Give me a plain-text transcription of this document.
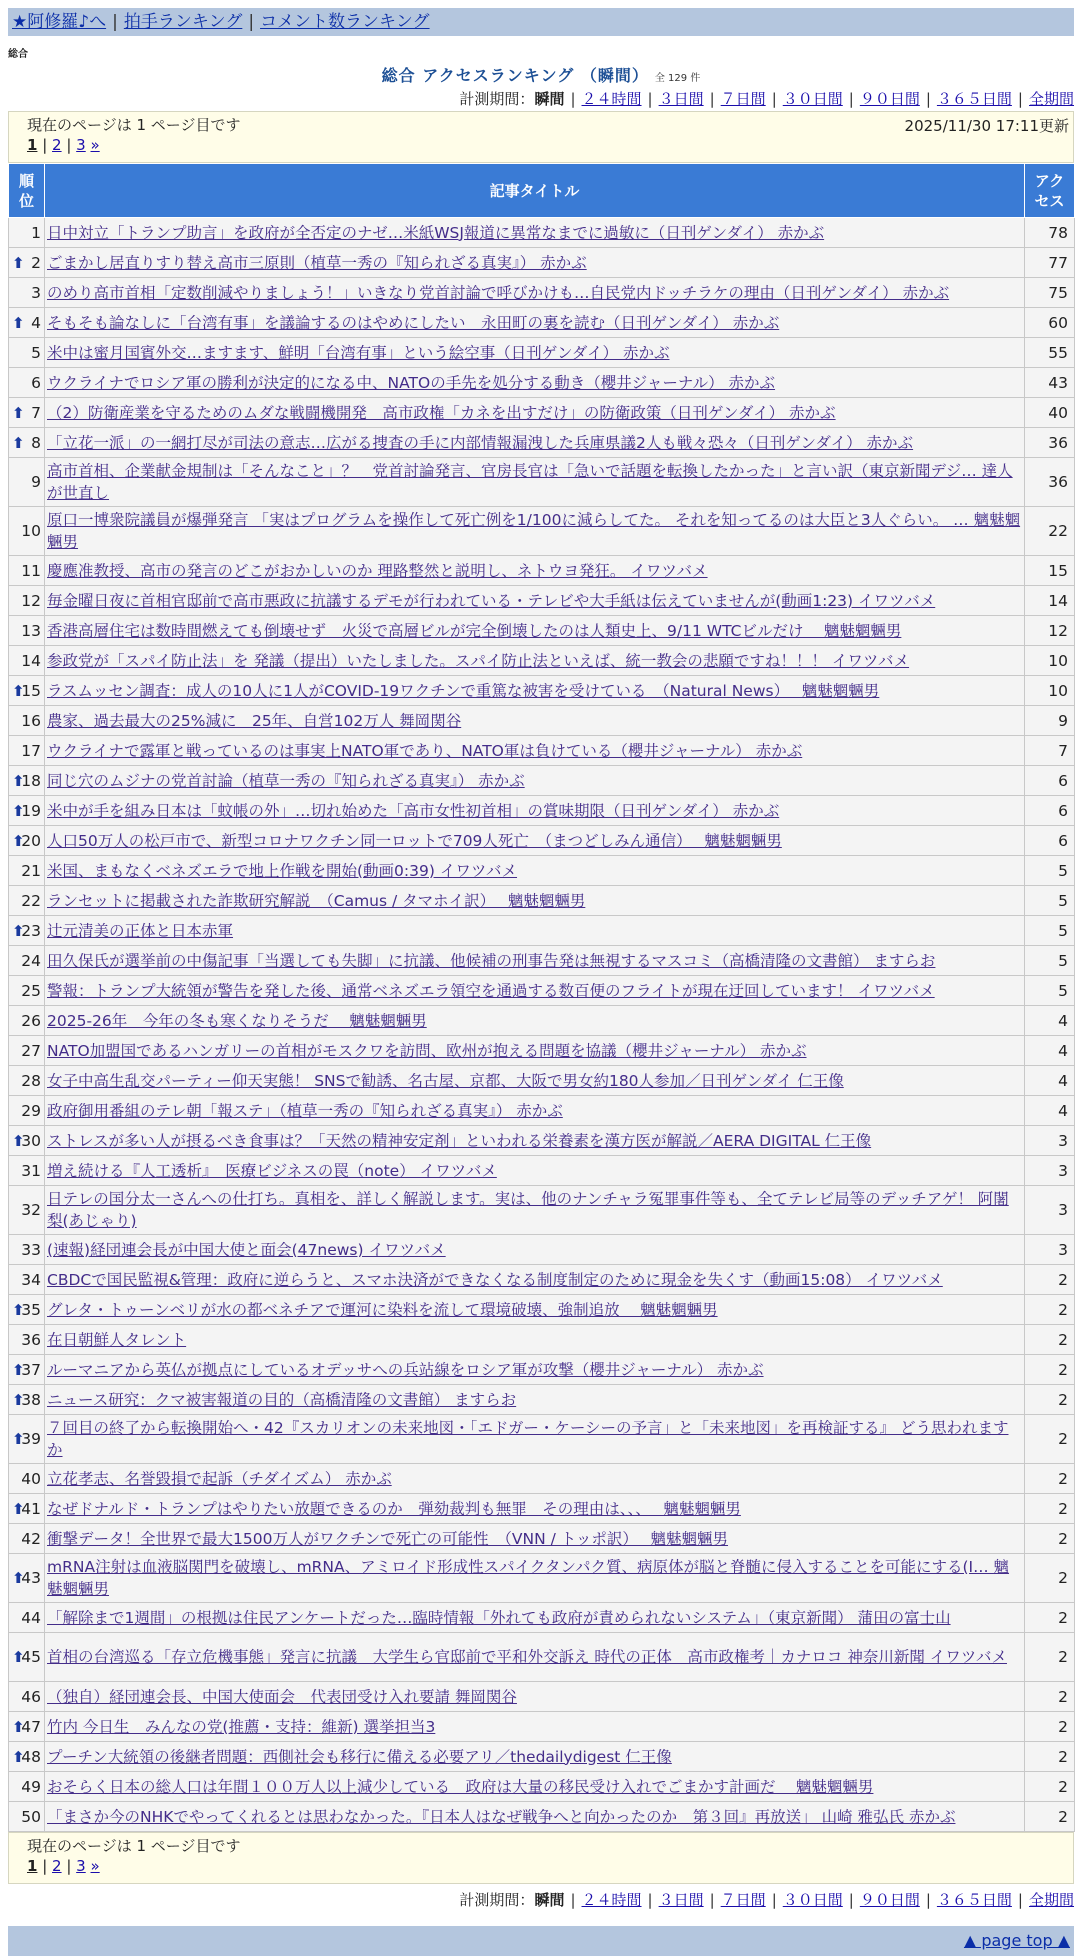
★阿修羅♪へ | 拍手ランキング | コメント数ランキング
総合
総合 アクセスランキング （瞬間） 全 129 件
計測期間：瞬間 | ２４時間 | ３日間 | ７日間 | ３０日間 | ９０日間 | ３６５日間 | 全期間
現在のページは 1 ページ目です	2025/11/30 17:11更新
1 | 2 | 3 »
順位	記事タイトル	アクセス
1	日中対立「トランプ助言」を政府が全否定のナゼ…米紙WSJ報道に異常なまでに過敏に（日刊ゲンダイ） 赤かぶ	78

⬆ 2	ごまかし居直りすり替え高市三原則（植草一秀の『知られざる真実』） 赤かぶ	77
3	のめり高市首相「定数削減やりましょう！」いきなり党首討論で呼びかけも…自民党内ドッチラケの理由（日刊ゲンダイ） 赤かぶ	75

⬆ 4	そもそも論なしに「台湾有事」を議論するのはやめにしたい　永田町の裏を読む（日刊ゲンダイ） 赤かぶ	60
5	米中は蜜月国賓外交…ますます、鮮明「台湾有事」という絵空事（日刊ゲンダイ） 赤かぶ	55
6	ウクライナでロシア軍の勝利が決定的になる中、NATOの手先を処分する動き（櫻井ジャーナル） 赤かぶ	43

⬆ 7	（2）防衛産業を守るためのムダな戦闘機開発　高市政権「カネを出すだけ」の防衛政策（日刊ゲンダイ） 赤かぶ	40

⬆ 8	「立花一派」の一網打尽が司法の意志…広がる捜査の手に内部情報漏洩した兵庫県議2人も戦々恐々（日刊ゲンダイ） 赤かぶ	36
9	高市首相、企業献金規制は「そんなこと」？　党首討論発言、官房長官は「急いで話題を転換したかった」と言い訳（東京新聞デジ… 達人が世直し	36
10	原口一博衆院議員が爆弾発言 「実はプログラムを操作して死亡例を1/100に減らしてた。 それを知ってるのは大臣と3人ぐらい。 … 魑魅魍魎男	22
11	慶應准教授、高市の発言のどこがおかしいのか 理路整然と説明し、ネトウヨ発狂。 イワツバメ	15
12	毎金曜日夜に首相官邸前で高市悪政に抗議するデモが行われている・テレビや大手紙は伝えていませんが(動画1:23) イワツバメ	14
13	香港高層住宅は数時間燃えても倒壊せず　火災で高層ビルが完全倒壊したのは人類史上、9/11 WTCビルだけ　 魑魅魍魎男	12
14	参政党が「スパイ防止法」を 発議（提出）いたしました。スパイ防止法といえば、統一教会の悲願ですね！！！ イワツバメ	10

⬆
15	ラスムッセン調査：成人の10人に1人がCOVID-19ワクチンで重篤な被害を受けている　（Natural News）　 魑魅魍魎男	10
16	農家、過去最大の25%減に　25年、自営102万人 舞岡関谷	9
17	ウクライナで露軍と戦っているのは事実上NATO軍であり、NATO軍は負けている（櫻井ジャーナル） 赤かぶ	7

⬆
18	同じ穴のムジナの党首討論（植草一秀の『知られざる真実』） 赤かぶ	6

⬆
19	米中が手を組み日本は「蚊帳の外」…切れ始めた「高市女性初首相」の賞味期限（日刊ゲンダイ） 赤かぶ	6

⬆
20	人口50万人の松戸市で、新型コロナワクチン同一ロットで709人死亡　（まつどしみん通信）　 魑魅魍魎男	6
21	米国、まもなくベネズエラで地上作戦を開始(動画0:39) イワツバメ	5
22	ランセットに掲載された詐欺研究解説　（Camus / タマホイ訳）　 魑魅魍魎男	5

⬆
23	辻元清美の正体と日本赤軍	5
24	田久保氏が選挙前の中傷記事「当選しても失脚」に抗議、他候補の刑事告発は無視するマスコミ（高橋清隆の文書館） ますらお	5
25	警報：トランプ大統領が警告を発した後、通常ベネズエラ領空を通過する数百便のフライトが現在迂回しています！ イワツバメ	5
26	2025-26年　今年の冬も寒くなりそうだ　 魑魅魍魎男	4
27	NATO加盟国であるハンガリーの首相がモスクワを訪問、欧州が抱える問題を協議（櫻井ジャーナル） 赤かぶ	4
28	女子中高生乱交パーティー仰天実態！ SNSで勧誘、名古屋、京都、大阪で男女約180人参加／日刊ゲンダイ 仁王像	4
29	政府御用番組のテレ朝「報ステ」（植草一秀の『知られざる真実』） 赤かぶ	4

⬆
30	ストレスが多い人が摂るべき食事は？「天然の精神安定剤」といわれる栄養素を漢方医が解説／AERA DIGITAL 仁王像	3
31	増え続ける『人工透析』　医療ビジネスの罠（note） イワツバメ	3
32	日テレの国分太一さんへの仕打ち。真相を、詳しく解説します。実は、他のナンチャラ冤罪事件等も、全てテレビ局等のデッチアゲ！ 阿闍梨(あじゃり)	3
33	(速報)経団連会長が中国大使と面会(47news) イワツバメ	3
34	CBDCで国民監視&管理：政府に逆らうと、スマホ決済ができなくなる制度制定のために現金を失くす（動画15:08） イワツバメ	2

⬆
35	グレタ・トゥーンベリが水の都ベネチアで運河に染料を流して環境破壊、強制追放　 魑魅魍魎男	2
36	在日朝鮮人タレント	2

⬆
37	ルーマニアから英仏が拠点にしているオデッサへの兵站線をロシア軍が攻撃（櫻井ジャーナル） 赤かぶ	2

⬆
38	ニュース研究：クマ被害報道の目的（高橋清隆の文書館） ますらお	2

⬆
39	７回目の終了から転換開始へ・42『スカリオンの未来地図・「エドガー・ケーシーの予言」と「未来地図」を再検証する』 どう思われますか	2
40	立花孝志、名誉毀損で起訴（チダイズム） 赤かぶ	2

⬆
41	なぜドナルド・トランプはやりたい放題できるのか　弾劾裁判も無罪　その理由は、、、　 魑魅魍魎男	2
42	衝撃データ！全世界で最大1500万人がワクチンで死亡の可能性　（VNN / トッポ訳）　 魑魅魍魎男	2

⬆
43	mRNA注射は血液脳関門を破壊し、mRNA、アミロイド形成性スパイクタンパク質、病原体が脳と脊髄に侵入することを可能にする(I… 魑魅魍魎男	2
44	「解除まで1週間」の根拠は住民アンケートだった…臨時情報「外れても政府が責められないシステム」（東京新聞） 蒲田の富士山	2

⬆
45	首相の台湾巡る「存立危機事態」発言に抗議　大学生ら官邸前で平和外交訴え 時代の正体　高市政権考｜カナロコ 神奈川新聞 イワツバメ	2
46	（独自）経団連会長、中国大使面会　代表団受け入れ要請 舞岡関谷	2

⬆
47	竹内 今日生　みんなの党(推薦・支持：維新) 選挙担当3	2

⬆
48	プーチン大統領の後継者問題：西側社会も移行に備える必要アリ／thedailydigest 仁王像	2
49	おそらく日本の総人口は年間１００万人以上減少している　政府は大量の移民受け入れでごまかす計画だ　 魑魅魍魎男	2
50	「まさか今のNHKでやってくれるとは思わなかった。『日本人はなぜ戦争へと向かったのか　第３回』再放送」 山崎 雅弘氏 赤かぶ	2
現在のページは 1 ページ目です
1 | 2 | 3 »
計測期間：瞬間 | ２４時間 | ３日間 | ７日間 | ３０日間 | ９０日間 | ３６５日間 | 全期間
▲ page top ▲
